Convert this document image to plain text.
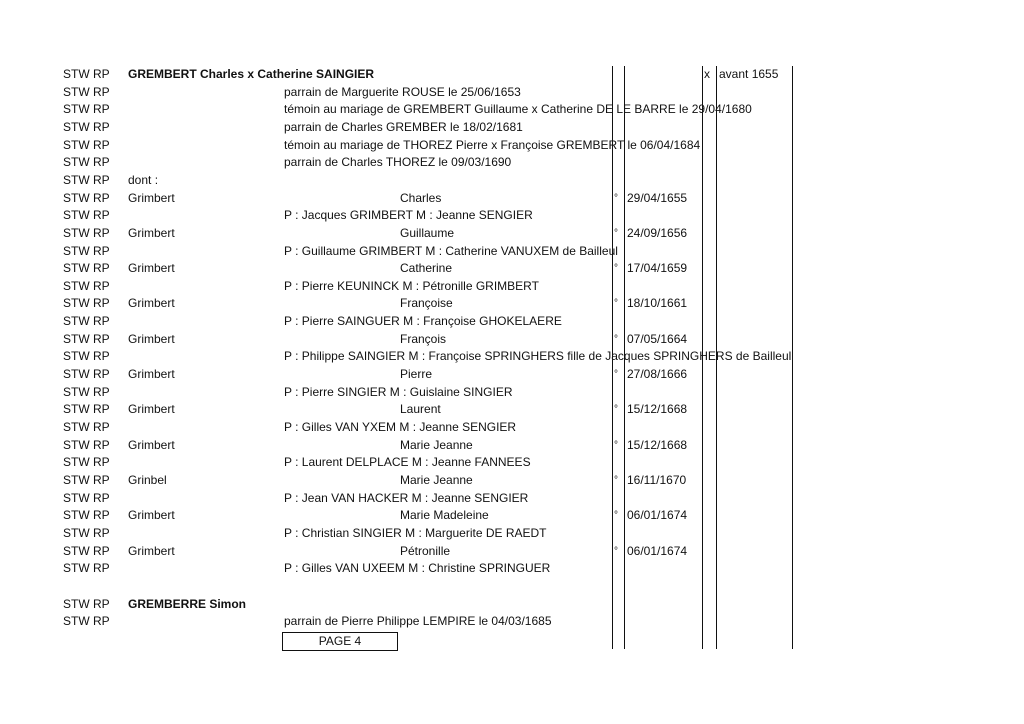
STW RP GREMBERT Charles x Catherine SAINGIER	x avant 1655
STW RP	parrain de Marguerite ROUSE le 25/06/1653
STW RP	témoin au mariage de GREMBERT Guillaume x Catherine DE LE BARRE le 29/04/1680
STW RP	parrain de Charles GREMBER le 18/02/1681
STW RP	témoin au mariage de THOREZ Pierre x Françoise GREMBERT le 06/04/1684
STW RP	parrain de Charles THOREZ le 09/03/1690
STW RP dont :
STW RP Grimbert	Charles	° 29/04/1655
STW RP	P : Jacques GRIMBERT M : Jeanne SENGIER
STW RP Grimbert	Guillaume	° 24/09/1656
STW RP	P : Guillaume GRIMBERT M : Catherine VANUXEM de Bailleul
STW RP Grimbert	Catherine	° 17/04/1659
STW RP	P : Pierre KEUNINCK M : Pétronille GRIMBERT
STW RP Grimbert	Françoise	° 18/10/1661
STW RP	P : Pierre SAINGUER M : Françoise GHOKELAERE
STW RP Grimbert	François	° 07/05/1664
STW RP	P : Philippe SAINGIER M : Françoise SPRINGHERS fille de Jacques SPRINGHERS de Bailleul
STW RP Grimbert	Pierre	° 27/08/1666
STW RP	P : Pierre SINGIER M : Guislaine SINGIER
STW RP Grimbert	Laurent	° 15/12/1668
STW RP	P : Gilles VAN YXEM M : Jeanne SENGIER
STW RP Grimbert	Marie Jeanne	° 15/12/1668
STW RP	P : Laurent DELPLACE M : Jeanne FANNEES
STW RP Grinbel	Marie Jeanne	° 16/11/1670
STW RP	P : Jean VAN HACKER M : Jeanne SENGIER
STW RP Grimbert	Marie Madeleine	° 06/01/1674
STW RP	P : Christian SINGIER M : Marguerite DE RAEDT
STW RP Grimbert	Pétronille	° 06/01/1674
STW RP	P : Gilles VAN UXEEM M : Christine SPRINGUER
STW RP GREMBERRE Simon
STW RP	parrain de Pierre Philippe LEMPIRE le 04/03/1685
PAGE 4
